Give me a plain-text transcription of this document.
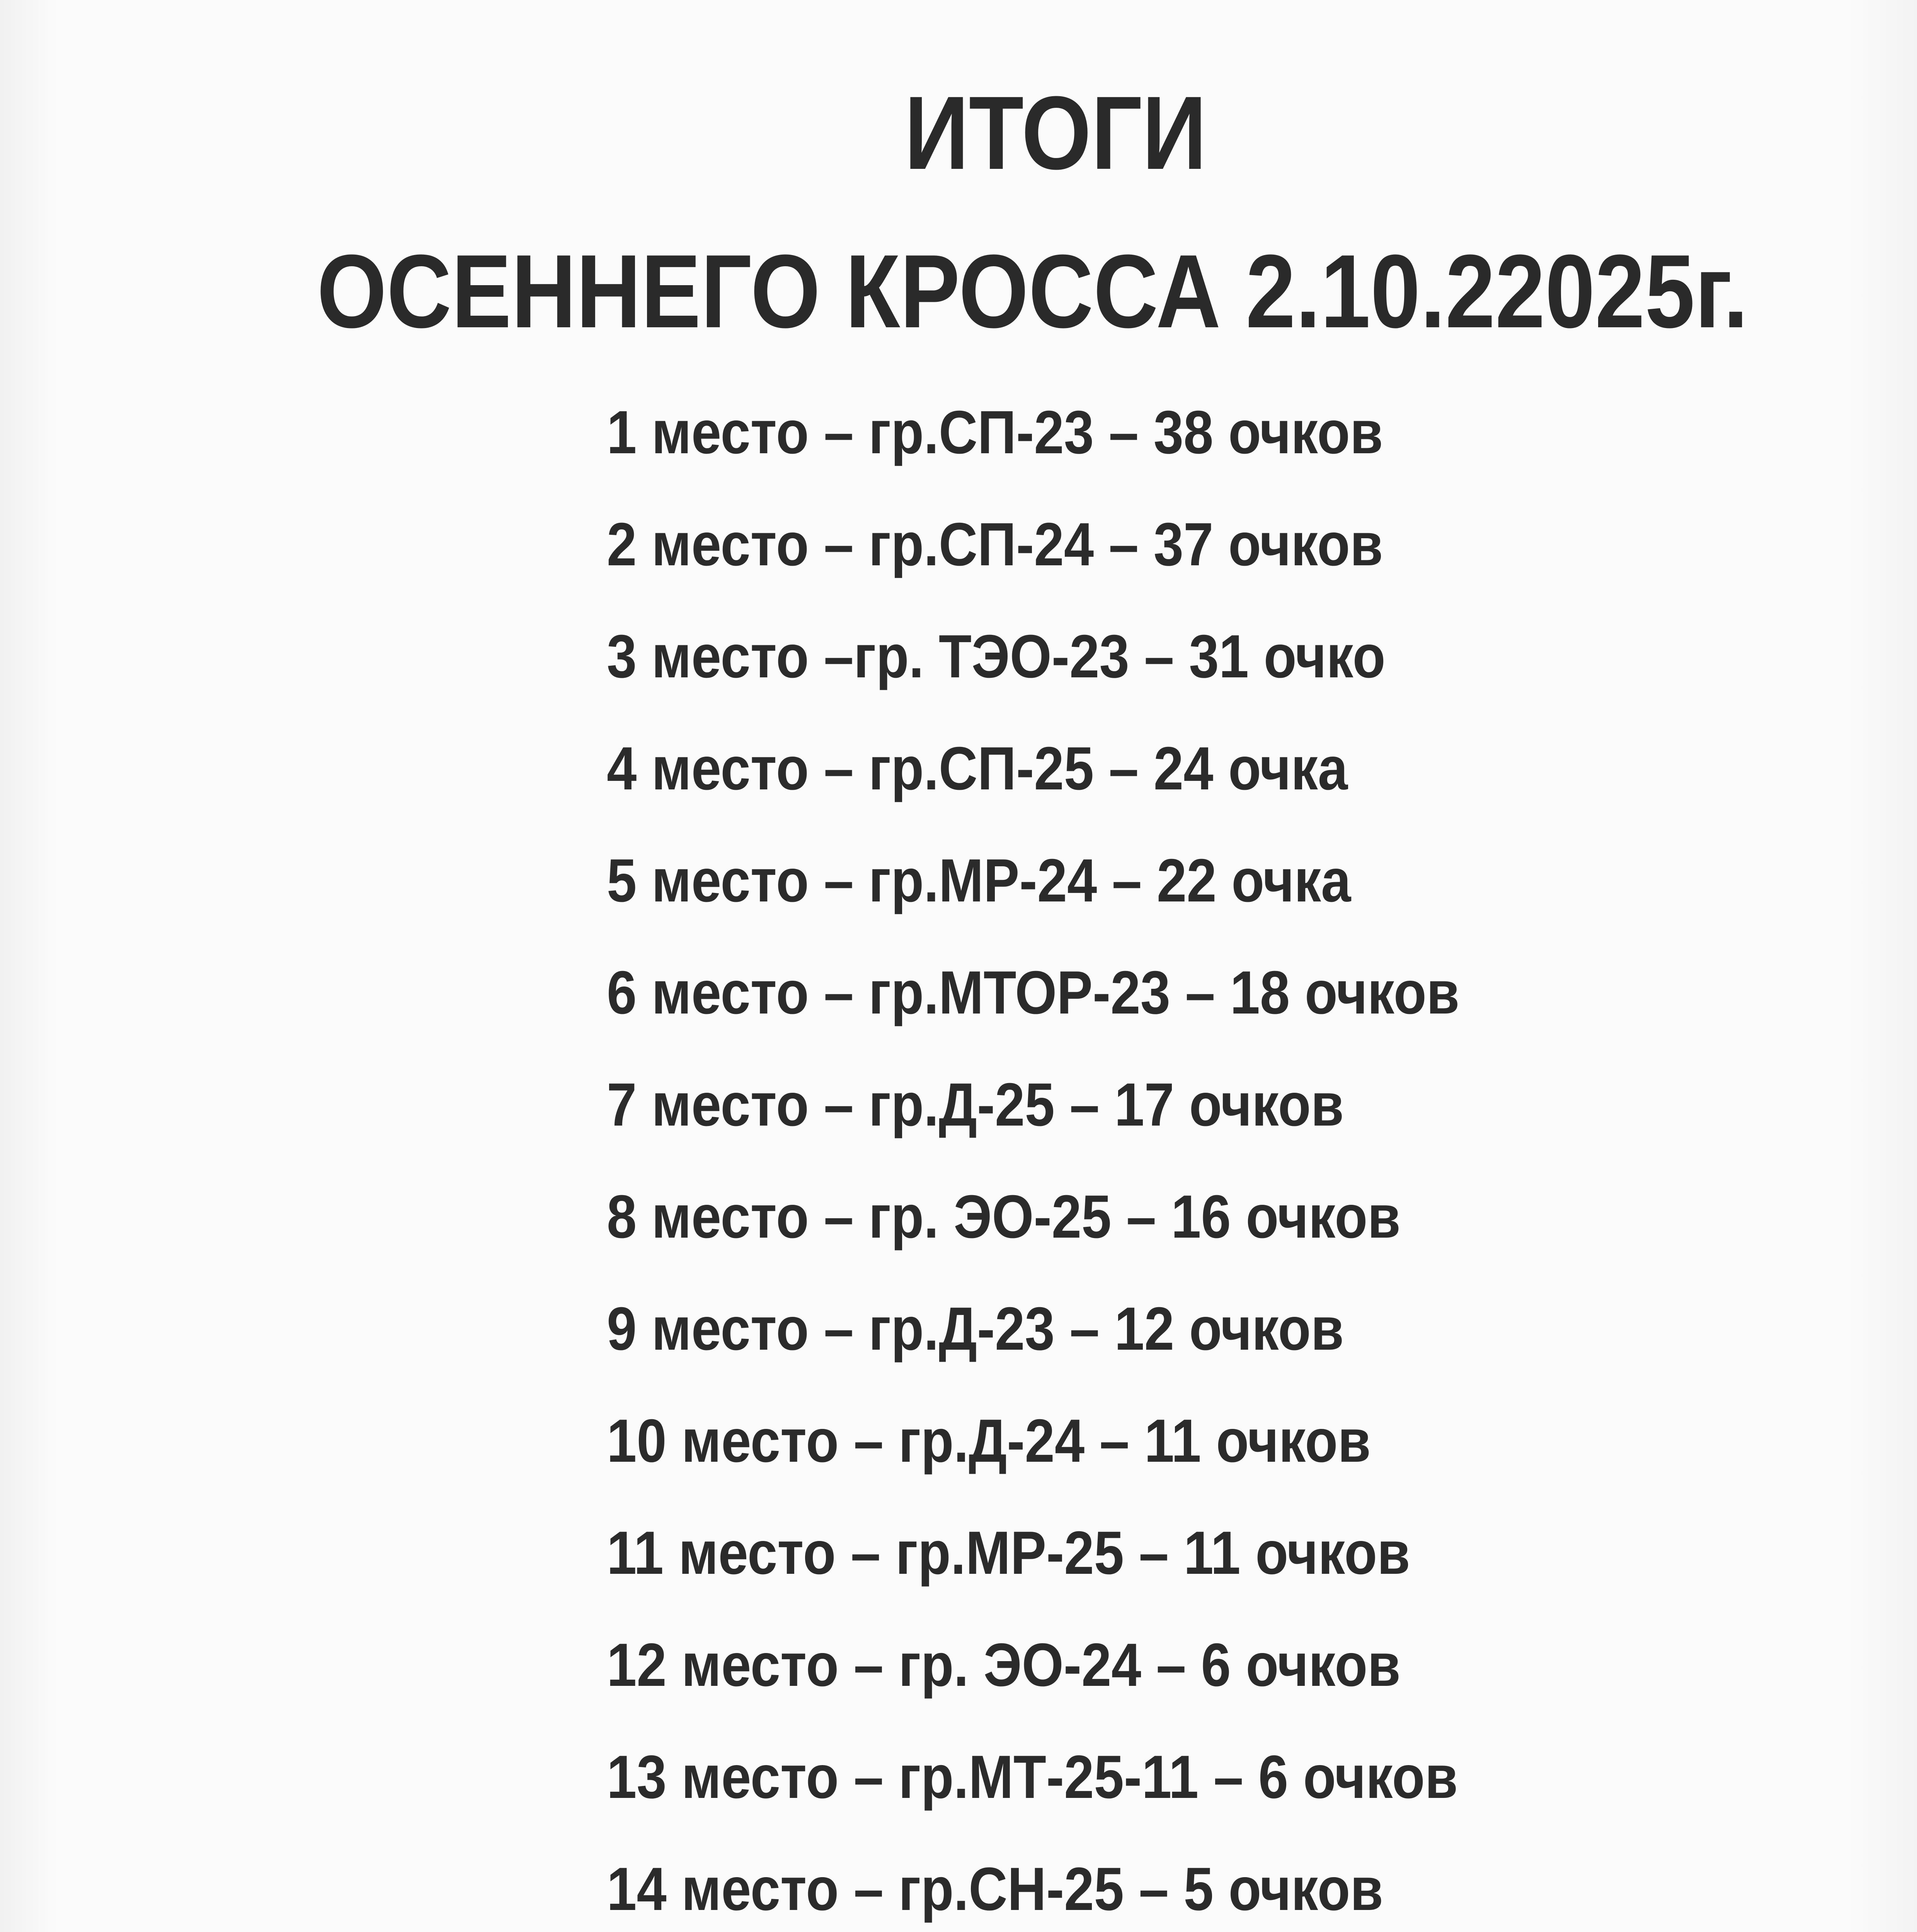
ИТОГИ
ОСЕННЕГО КРОССА 2.10.22025г.
1 место – гр.СП-23 – 38 очков
2 место – гр.СП-24 – 37 очков
3 место –гр. ТЭО-23 – 31 очко
4 место – гр.СП-25 – 24 очка
5 место – гр.МР-24 – 22 очка
6 место – гр.МТОР-23 – 18 очков
7 место – гр.Д-25 – 17 очков
8 место – гр. ЭО-25 – 16 очков
9 место – гр.Д-23 – 12 очков
10 место – гр.Д-24 – 11 очков
11 место – гр.МР-25 – 11 очков
12 место – гр. ЭО-24 – 6 очков
13 место – гр.МТ-25-11 – 6 очков
14 место – гр.СН-25 – 5 очков
